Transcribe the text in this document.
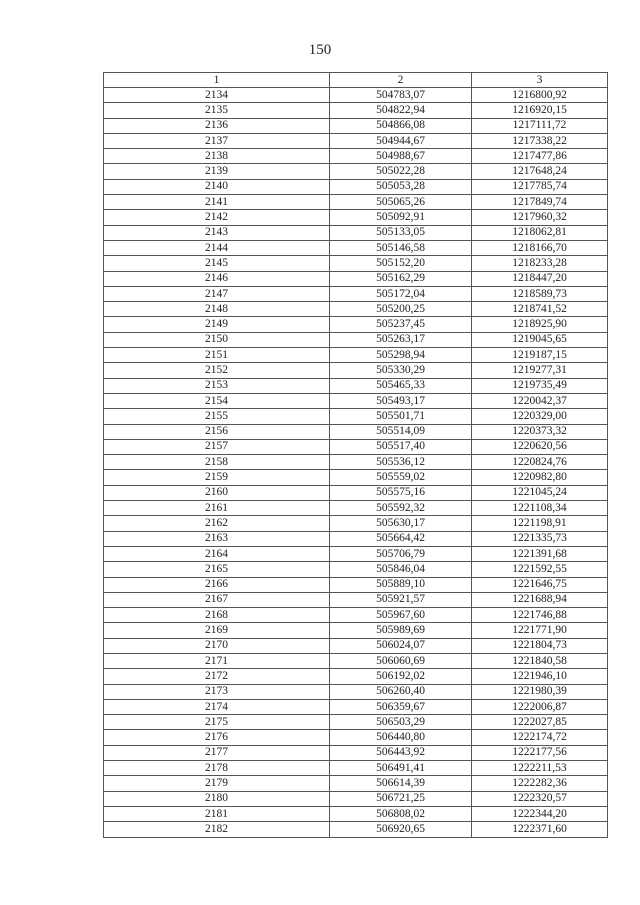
150
1	2	3
2134	504783,07	1216800,92
2135	504822,94	1216920,15
2136	504866,08	1217111,72
2137	504944,67	1217338,22
2138	504988,67	1217477,86
2139	505022,28	1217648,24
2140	505053,28	1217785,74
2141	505065,26	1217849,74
2142	505092,91	1217960,32
2143	505133,05	1218062,81
2144	505146,58	1218166,70
2145	505152,20	1218233,28
2146	505162,29	1218447,20
2147	505172,04	1218589,73
2148	505200,25	1218741,52
2149	505237,45	1218925,90
2150	505263,17	1219045,65
2151	505298,94	1219187,15
2152	505330,29	1219277,31
2153	505465,33	1219735,49
2154	505493,17	1220042,37
2155	505501,71	1220329,00
2156	505514,09	1220373,32
2157	505517,40	1220620,56
2158	505536,12	1220824,76
2159	505559,02	1220982,80
2160	505575,16	1221045,24
2161	505592,32	1221108,34
2162	505630,17	1221198,91
2163	505664,42	1221335,73
2164	505706,79	1221391,68
2165	505846,04	1221592,55
2166	505889,10	1221646,75
2167	505921,57	1221688,94
2168	505967,60	1221746,88
2169	505989,69	1221771,90
2170	506024,07	1221804,73
2171	506060,69	1221840,58
2172	506192,02	1221946,10
2173	506260,40	1221980,39
2174	506359,67	1222006,87
2175	506503,29	1222027,85
2176	506440,80	1222174,72
2177	506443,92	1222177,56
2178	506491,41	1222211,53
2179	506614,39	1222282,36
2180	506721,25	1222320,57
2181	506808,02	1222344,20
2182	506920,65	1222371,60
